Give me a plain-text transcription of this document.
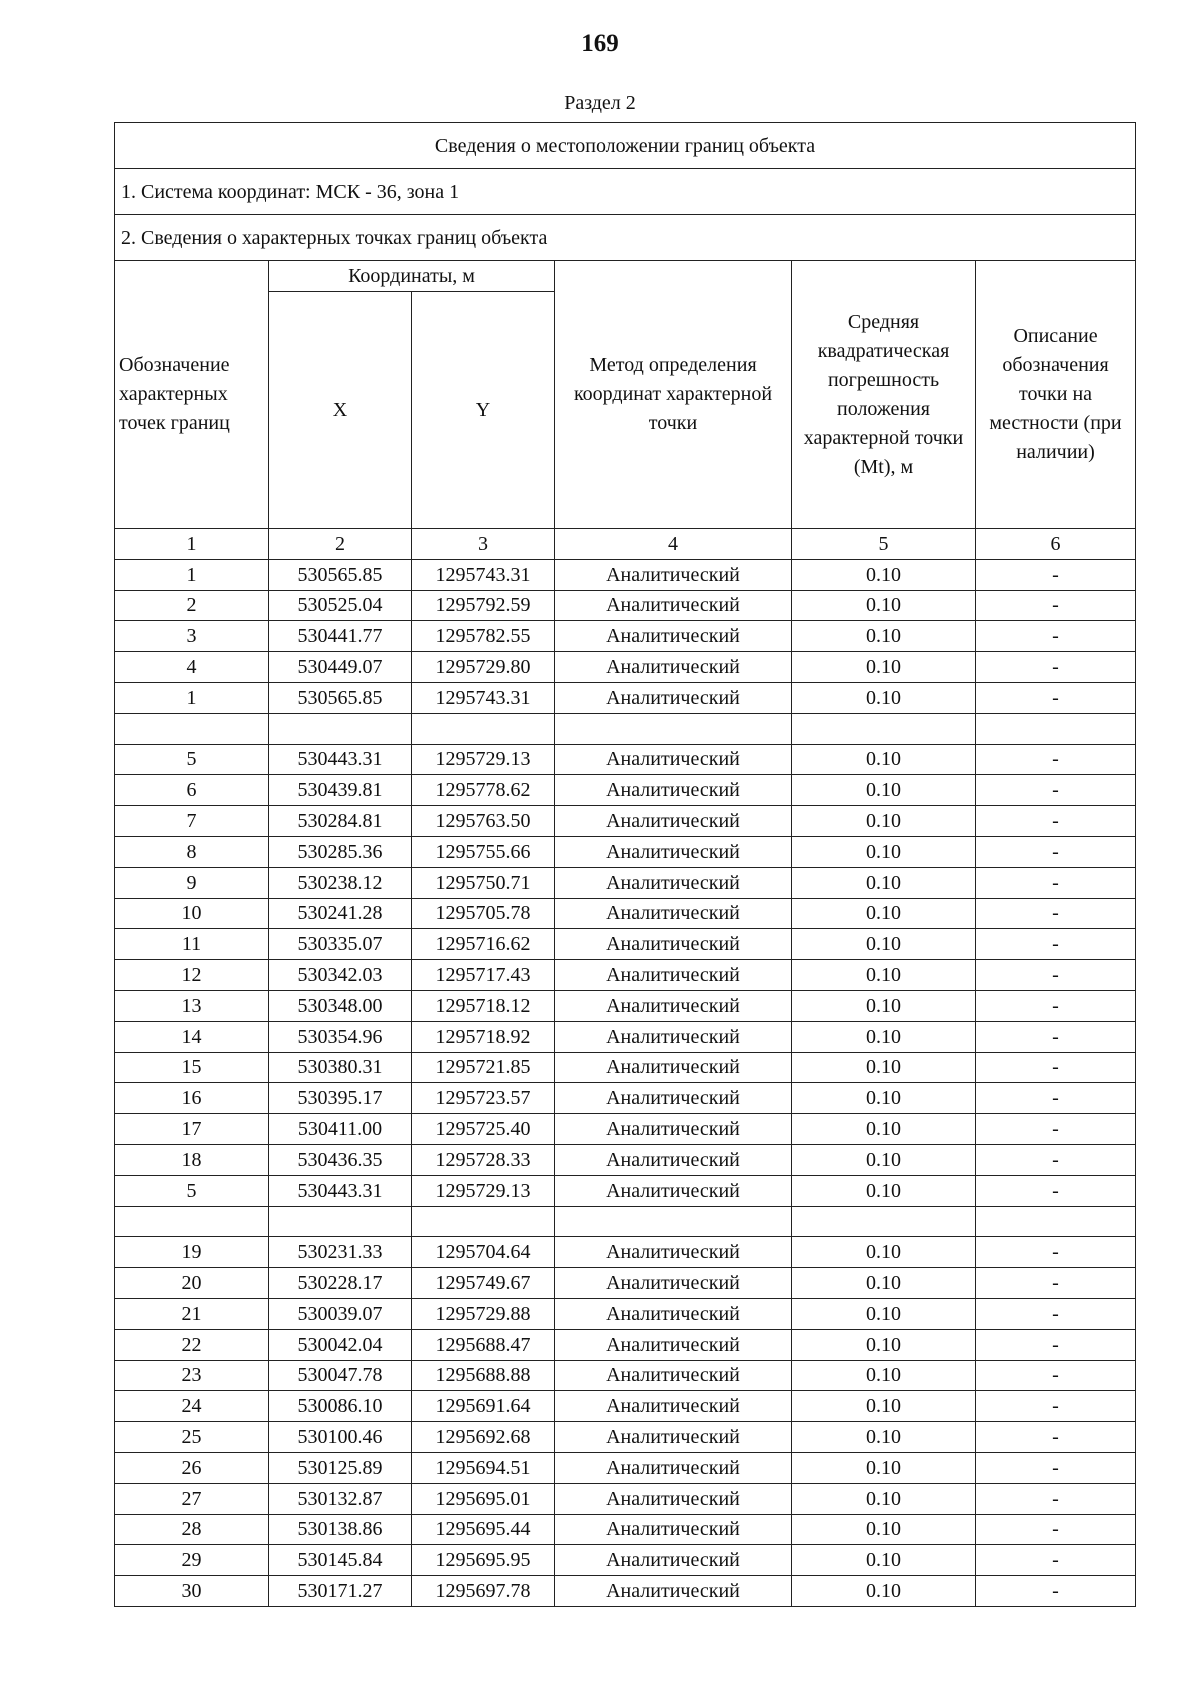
169
Раздел 2
Сведения о местоположении границ объекта					
1. Система координат: МСК - 36, зона 1					
2. Сведения о характерных точках границ объекта					
Обозначение характерных точек границ	Координаты, м		Метод определения координат характерной точки	Средняя квадратическая погрешность положения характерной точки (Mt), м	Описание обозначения точки на местности (при наличии)
	X	Y			
1	2	3	4	5	6
1	530565.85	1295743.31	Аналитический	0.10	-
2	530525.04	1295792.59	Аналитический	0.10	-
3	530441.77	1295782.55	Аналитический	0.10	-
4	530449.07	1295729.80	Аналитический	0.10	-
1	530565.85	1295743.31	Аналитический	0.10	-

5	530443.31	1295729.13	Аналитический	0.10	-
6	530439.81	1295778.62	Аналитический	0.10	-
7	530284.81	1295763.50	Аналитический	0.10	-
8	530285.36	1295755.66	Аналитический	0.10	-
9	530238.12	1295750.71	Аналитический	0.10	-
10	530241.28	1295705.78	Аналитический	0.10	-
11	530335.07	1295716.62	Аналитический	0.10	-
12	530342.03	1295717.43	Аналитический	0.10	-
13	530348.00	1295718.12	Аналитический	0.10	-
14	530354.96	1295718.92	Аналитический	0.10	-
15	530380.31	1295721.85	Аналитический	0.10	-
16	530395.17	1295723.57	Аналитический	0.10	-
17	530411.00	1295725.40	Аналитический	0.10	-
18	530436.35	1295728.33	Аналитический	0.10	-
5	530443.31	1295729.13	Аналитический	0.10	-

19	530231.33	1295704.64	Аналитический	0.10	-
20	530228.17	1295749.67	Аналитический	0.10	-
21	530039.07	1295729.88	Аналитический	0.10	-
22	530042.04	1295688.47	Аналитический	0.10	-
23	530047.78	1295688.88	Аналитический	0.10	-
24	530086.10	1295691.64	Аналитический	0.10	-
25	530100.46	1295692.68	Аналитический	0.10	-
26	530125.89	1295694.51	Аналитический	0.10	-
27	530132.87	1295695.01	Аналитический	0.10	-
28	530138.86	1295695.44	Аналитический	0.10	-
29	530145.84	1295695.95	Аналитический	0.10	-
30	530171.27	1295697.78	Аналитический	0.10	-
